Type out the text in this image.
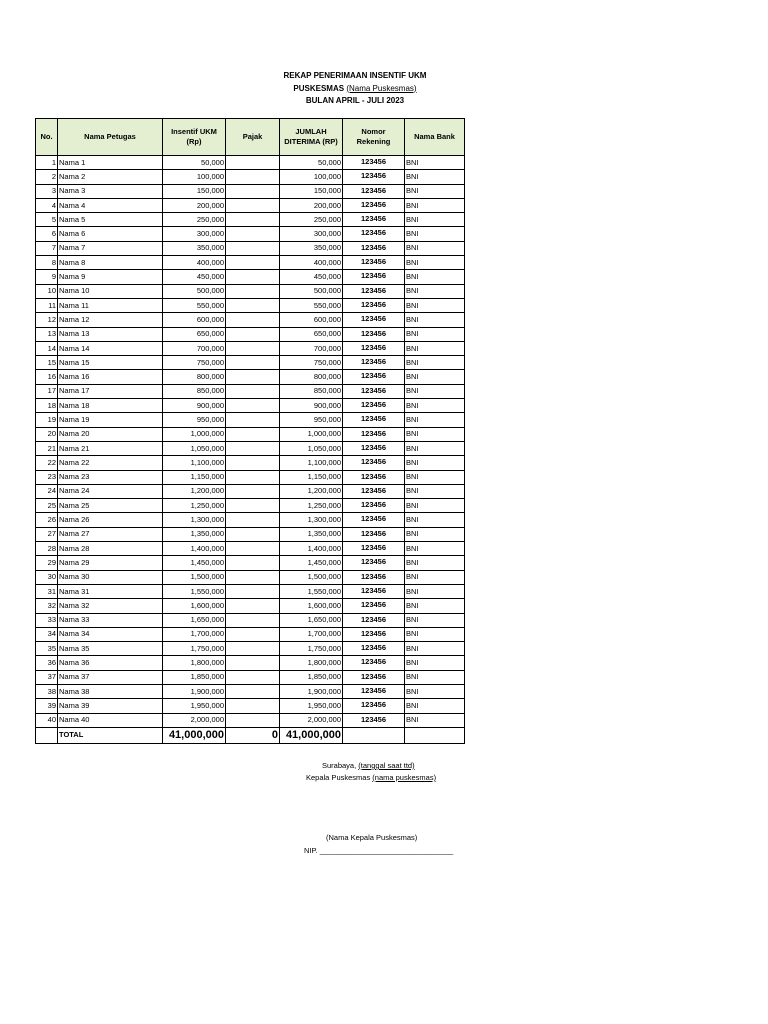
REKAP PENERIMAAN INSENTIF UKM
PUSKESMAS (Nama Puskesmas)
BULAN APRIL - JULI 2023
No.	Nama Petugas	Insentif UKM (Rp)	Pajak	JUMLAH DITERIMA (RP)	Nomor Rekening	Nama Bank
1	Nama 1	50,000		50,000	123456	BNI
2	Nama 2	100,000		100,000	123456	BNI
3	Nama 3	150,000		150,000	123456	BNI
4	Nama 4	200,000		200,000	123456	BNI
5	Nama 5	250,000		250,000	123456	BNI
6	Nama 6	300,000		300,000	123456	BNI
7	Nama 7	350,000		350,000	123456	BNI
8	Nama 8	400,000		400,000	123456	BNI
9	Nama 9	450,000		450,000	123456	BNI
10	Nama 10	500,000		500,000	123456	BNI
11	Nama 11	550,000		550,000	123456	BNI
12	Nama 12	600,000		600,000	123456	BNI
13	Nama 13	650,000		650,000	123456	BNI
14	Nama 14	700,000		700,000	123456	BNI
15	Nama 15	750,000		750,000	123456	BNI
16	Nama 16	800,000		800,000	123456	BNI
17	Nama 17	850,000		850,000	123456	BNI
18	Nama 18	900,000		900,000	123456	BNI
19	Nama 19	950,000		950,000	123456	BNI
20	Nama 20	1,000,000		1,000,000	123456	BNI
21	Nama 21	1,050,000		1,050,000	123456	BNI
22	Nama 22	1,100,000		1,100,000	123456	BNI
23	Nama 23	1,150,000		1,150,000	123456	BNI
24	Nama 24	1,200,000		1,200,000	123456	BNI
25	Nama 25	1,250,000		1,250,000	123456	BNI
26	Nama 26	1,300,000		1,300,000	123456	BNI
27	Nama 27	1,350,000		1,350,000	123456	BNI
28	Nama 28	1,400,000		1,400,000	123456	BNI
29	Nama 29	1,450,000		1,450,000	123456	BNI
30	Nama 30	1,500,000		1,500,000	123456	BNI
31	Nama 31	1,550,000		1,550,000	123456	BNI
32	Nama 32	1,600,000		1,600,000	123456	BNI
33	Nama 33	1,650,000		1,650,000	123456	BNI
34	Nama 34	1,700,000		1,700,000	123456	BNI
35	Nama 35	1,750,000		1,750,000	123456	BNI
36	Nama 36	1,800,000		1,800,000	123456	BNI
37	Nama 37	1,850,000		1,850,000	123456	BNI
38	Nama 38	1,900,000		1,900,000	123456	BNI
39	Nama 39	1,950,000		1,950,000	123456	BNI
40	Nama 40	2,000,000		2,000,000	123456	BNI
	TOTAL	41,000,000	0	41,000,000		
Surabaya, (tanggal saat ttd)
Kepala Puskesmas (nama puskesmas)
(Nama Kepala Puskesmas)
NIP. ________________________________
